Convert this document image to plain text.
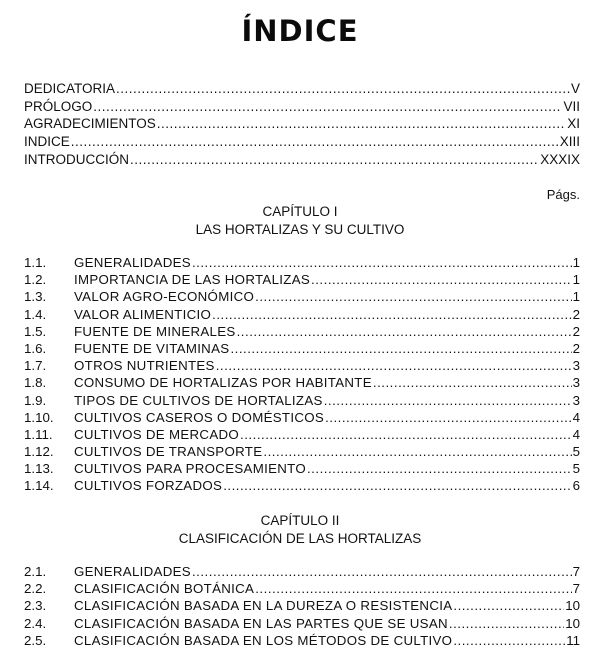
ÍNDICE
DEDICATORIA .....	V
PRÓLOGO .....	VII
AGRADECIMIENTOS .....	XI
INDICE .....	XIII
INTRODUCCIÓN .....	XXXIX
Págs.
CAPÍTULO I
LAS HORTALIZAS Y SU CULTIVO
1.1.	GENERALIDADES .....	1
1.2.	IMPORTANCIA DE LAS HORTALIZAS .....	1
1.3.	VALOR AGRO-ECONÓMICO .....	1
1.4.	VALOR ALIMENTICIO .....	2
1.5.	FUENTE DE MINERALES .....	2
1.6.	FUENTE DE VITAMINAS .....	2
1.7.	OTROS NUTRIENTES .....	3
1.8.	CONSUMO DE HORTALIZAS POR HABITANTE .....	3
1.9.	TIPOS DE CULTIVOS DE HORTALIZAS .....	3
1.10.	CULTIVOS CASEROS O DOMÉSTICOS .....	4
1.11.	CULTIVOS DE MERCADO .....	4
1.12.	CULTIVOS DE TRANSPORTE .....	5
1.13.	CULTIVOS PARA PROCESAMIENTO .....	5
1.14.	CULTIVOS FORZADOS .....	6
CAPÍTULO II
CLASIFICACIÓN DE LAS HORTALIZAS
2.1.	GENERALIDADES .....	7
2.2.	CLASIFICACIÓN BOTÁNICA .....	7
2.3.	CLASIFICACIÓN BASADA EN LA DUREZA O RESISTENCIA .....	10
2.4.	CLASIFICACIÓN BASADA EN LAS PARTES QUE SE USAN .....	10
2.5.	CLASIFICACIÓN BASADA EN LOS MÉTODOS DE CULTIVO .....	11
